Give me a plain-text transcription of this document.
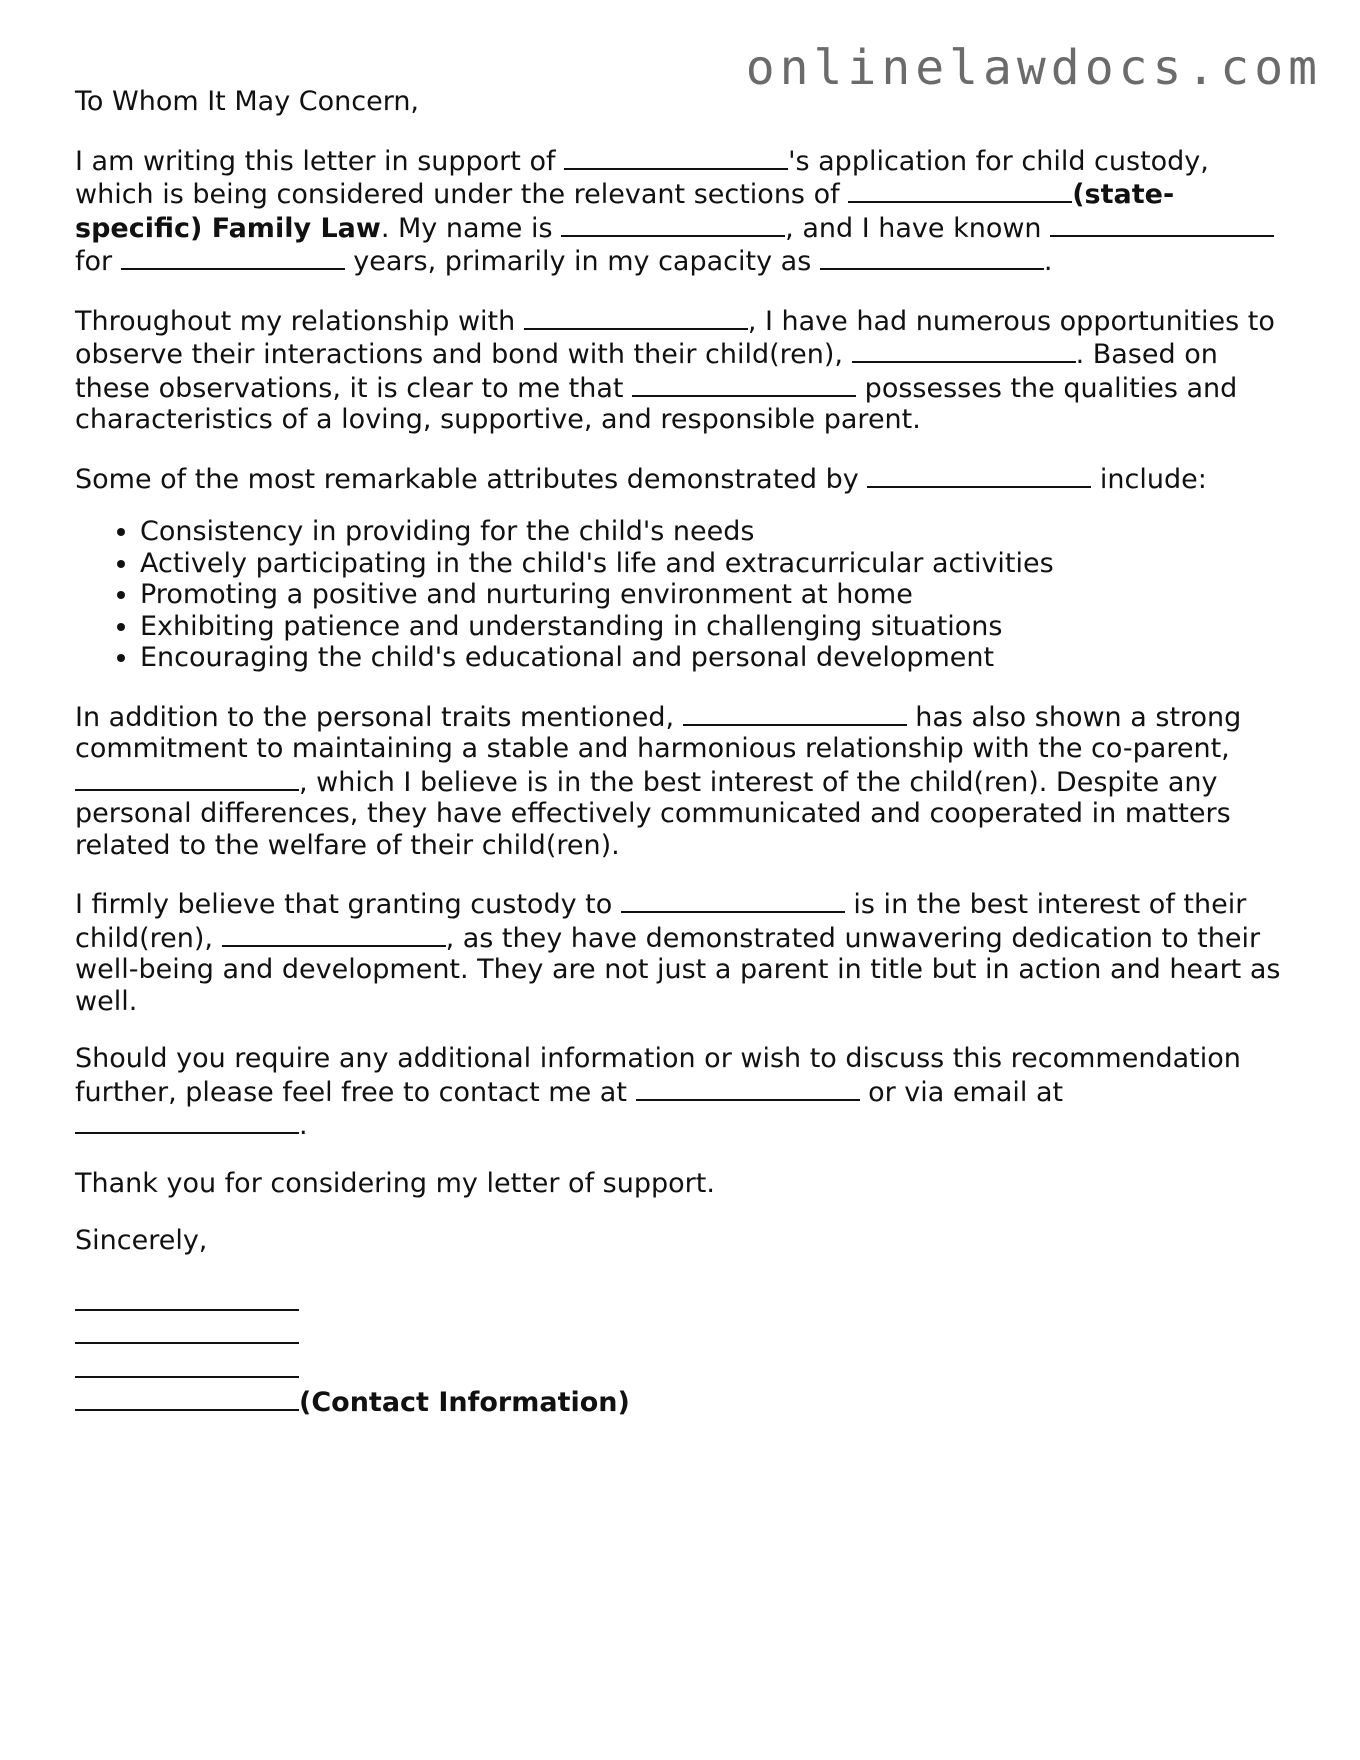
onlinelawdocs.com

To Whom It May Concern,

I am writing this letter in support of	's application for child custody, which is being considered under the relevant sections of	(state-specific) Family Law. My name is	, and I have known  for	years, primarily in my capacity as	.

Throughout my relationship with	, I have had numerous opportunities to observe their interactions and bond with their child(ren),	. Based on these observations, it is clear to me that	possesses the qualities and characteristics of a loving, supportive, and responsible parent.

Some of the most remarkable attributes demonstrated by	include:

• Consistency in providing for the child's needs
• Actively participating in the child's life and extracurricular activities
• Promoting a positive and nurturing environment at home
• Exhibiting patience and understanding in challenging situations
• Encouraging the child's educational and personal development

In addition to the personal traits mentioned,	has also shown a strong commitment to maintaining a stable and harmonious relationship with the co-parent, , which I believe is in the best interest of the child(ren). Despite any personal differences, they have effectively communicated and cooperated in matters related to the welfare of their child(ren).

I firmly believe that granting custody to	is in the best interest of their child(ren),	, as they have demonstrated unwavering dedication to their well-being and development. They are not just a parent in title but in action and heart as well.

Should you require any additional information or wish to discuss this recommendation further, please feel free to contact me at	or via email at .

Thank you for considering my letter of support.

Sincerely,

(Contact Information)
